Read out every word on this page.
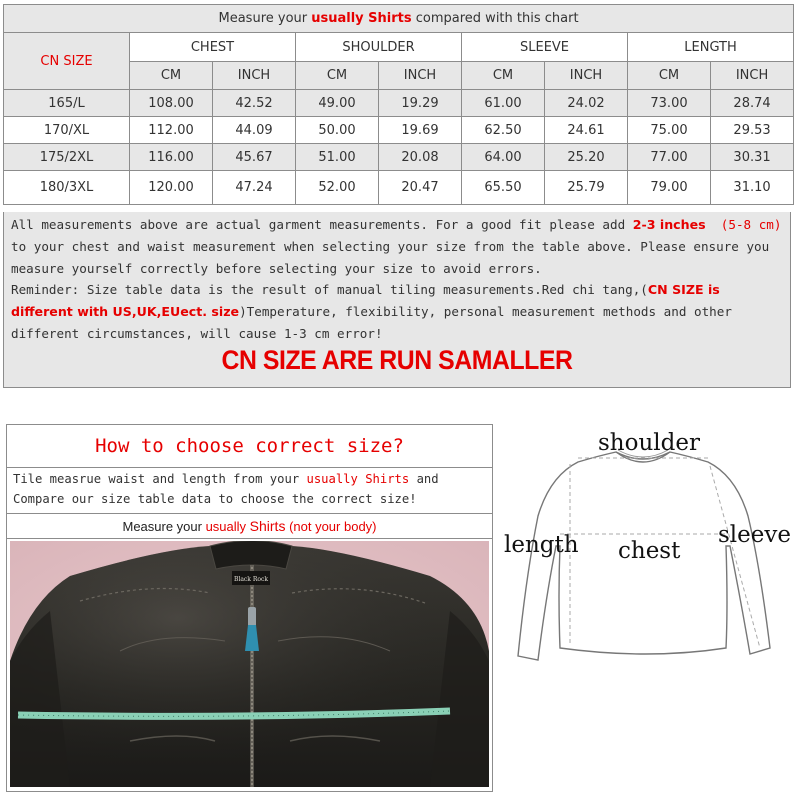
Measure your usually Shirts compared with this chart								
CN SIZE	CHEST		SHOULDER		SLEEVE		LENGTH	
	CM	INCH	CM	INCH	CM	INCH	CM	INCH
165/L	108.00	42.52	49.00	19.29	61.00	24.02	73.00	28.74
170/XL	112.00	44.09	50.00	19.69	62.50	24.61	75.00	29.53
175/2XL	116.00	45.67	51.00	20.08	64.00	25.20	77.00	30.31
180/3XL	120.00	47.24	52.00	20.47	65.50	25.79	79.00	31.10

All measurements above are actual garment measurements. For a good fit please add 2-3 inches (5-8 cm) to your chest and waist measurement when selecting your size from the table above. Please ensure you measure yourself correctly before selecting your size to avoid errors.

Reminder: Size table data is the result of manual tiling measurements.Red chi tang,(CN SIZE is different with US,UK,EUect. size)Temperature, flexibility, personal measurement methods and other different circumstances, will cause 1-3 cm error!

CN SIZE ARE RUN SAMALLER
How to choose correct size?
Tile measrue waist and length from your usually Shirts and Compare our size table data to choose the correct size!
Measure your usually Shirts (not your body)
Black Rock
shoulder
length chest
sleeve
